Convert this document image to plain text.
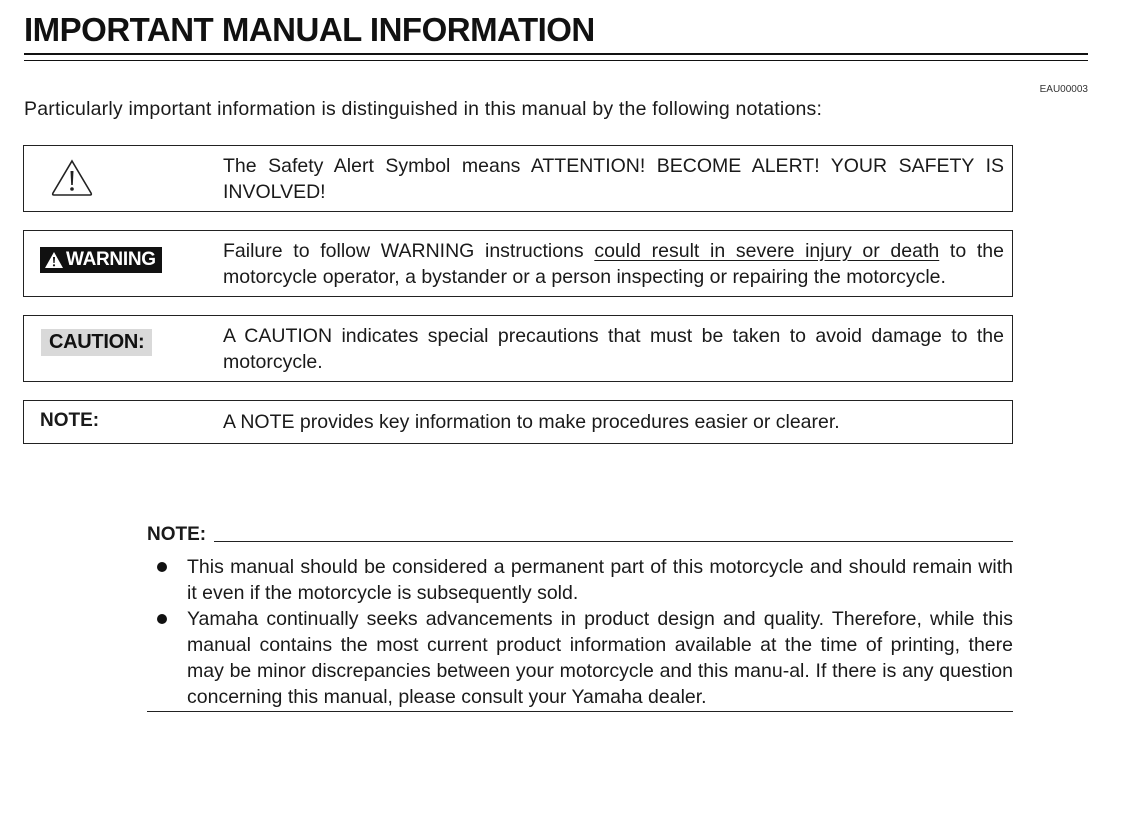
IMPORTANT MANUAL INFORMATION
EAU00003
Particularly important information is distinguished in this manual by the following notations:
The Safety Alert Symbol means ATTENTION! BECOME ALERT! YOUR SAFETY IS INVOLVED!
WARNING	Failure to follow WARNING instructions could result in severe injury or death to the motorcycle operator, a bystander or a person inspecting or repairing the motorcycle.
CAUTION:	A CAUTION indicates special precautions that must be taken to avoid damage to the motorcycle.
NOTE:	A NOTE provides key information to make procedures easier or clearer.
NOTE:
This manual should be considered a permanent part of this motorcycle and should remain with it even if the motorcycle is subsequently sold.
Yamaha continually seeks advancements in product design and quality. Therefore, while this manual contains the most current product information available at the time of printing, there may be minor discrepancies between your motorcycle and this manu-al. If there is any question concerning this manual, please consult your Yamaha dealer.
